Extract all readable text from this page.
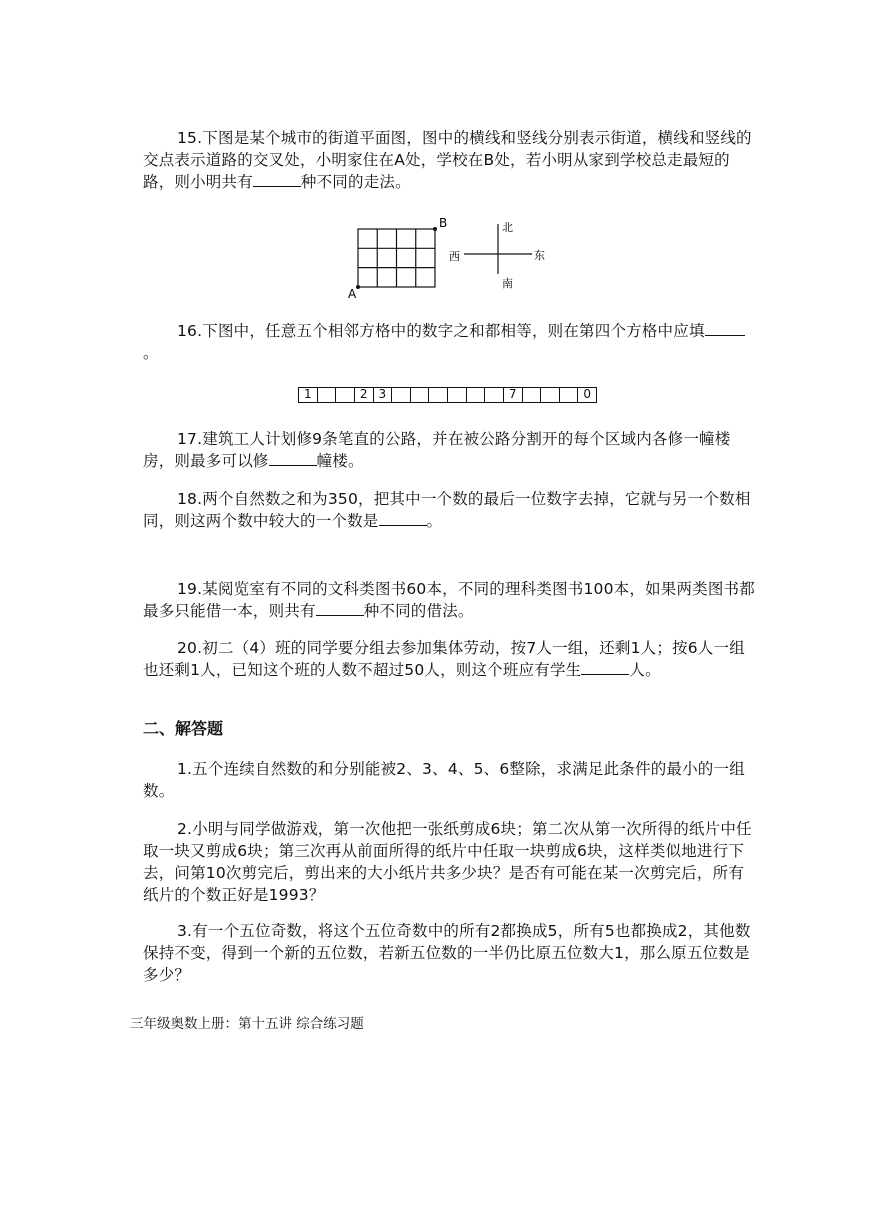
15.下图是某个城市的街道平面图，图中的横线和竖线分别表示街道，横线和竖线的交点表示道路的交叉处，小明家住在A处，学校在B处，若小明从家到学校总走最短的路，则小明共有	种不同的走法。

A
B	北
南
东
西

16.下图中，任意五个相邻方格中的数字之和都相等，则在第四个方格中应填。

1	2 3	7	0

17.建筑工人计划修9条笔直的公路，并在被公路分割开的每个区域内各修一幢楼房，则最多可以修	幢楼。

18.两个自然数之和为350，把其中一个数的最后一位数字去掉，它就与另一个数相同，则这两个数中较大的一个数是	。

19.某阅览室有不同的文科类图书60本，不同的理科类图书100本，如果两类图书都最多只能借一本，则共有	种不同的借法。

20.初二（4）班的同学要分组去参加集体劳动，按7人一组，还剩1人；按6人一组也还剩1人，已知这个班的人数不超过50人，则这个班应有学生	人。

二、解答题

1.五个连续自然数的和分别能被2、3、4、5、6整除，求满足此条件的最小的一组数。

2.小明与同学做游戏，第一次他把一张纸剪成6块；第二次从第一次所得的纸片中任取一块又剪成6块；第三次再从前面所得的纸片中任取一块剪成6块，这样类似地进行下去，问第10次剪完后，剪出来的大小纸片共多少块？是否有可能在某一次剪完后，所有纸片的个数正好是1993？

3.有一个五位奇数，将这个五位奇数中的所有2都换成5，所有5也都换成2，其他数保持不变，得到一个新的五位数，若新五位数的一半仍比原五位数大1，那么原五位数是多少？

三年级奥数上册：第十五讲 综合练习题
